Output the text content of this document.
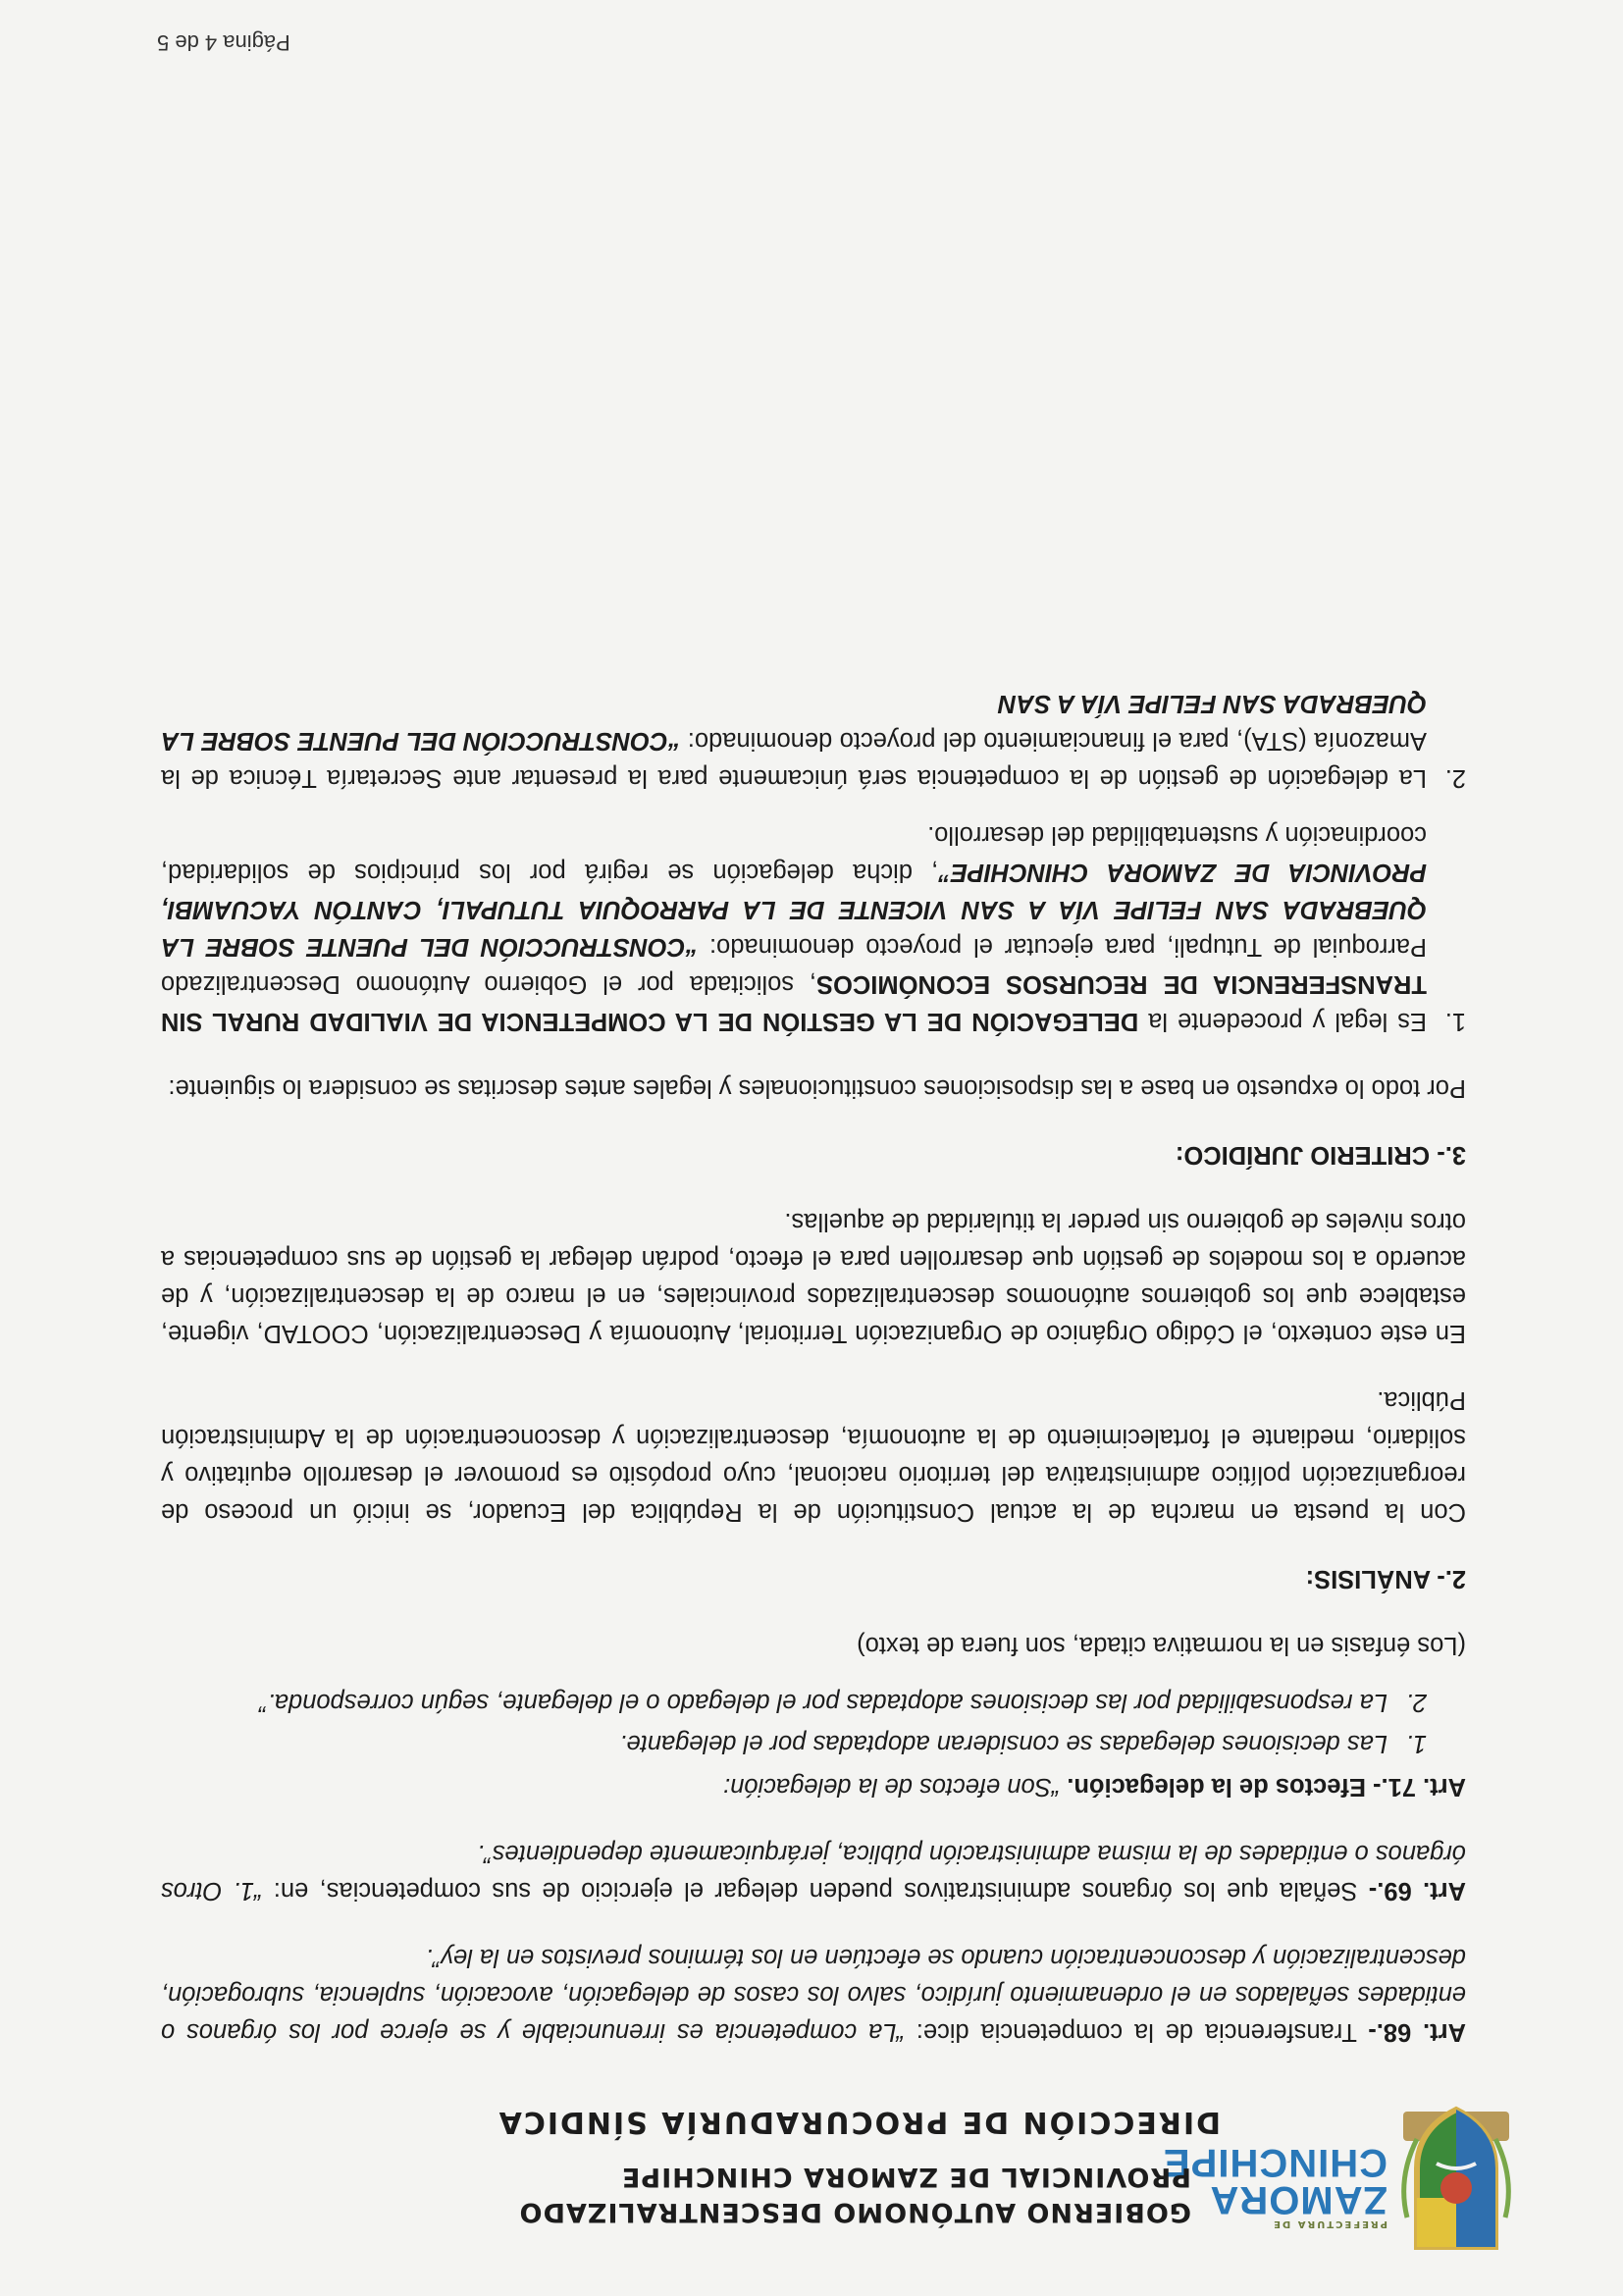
PREFECTURA DE
ZAMORA
CHINCHIPE
GOBIERNO AUTÓNOMO DESCENTRALIZADO
PROVINCIAL DE ZAMORA CHINCHIPE
DIRECCIÓN DE PROCURADURÍA SÍNDICA

Art. 68.- Transferencia de la competencia dice: “La competencia es irrenunciable y se ejerce por los órganos o entidades señalados en el ordenamiento jurídico, salvo los casos de delegación, avocación, suplencia, subrogación, descentralización y desconcentración cuando se efectúen en los términos previstos en la ley”.

Art. 69.- Señala que los órganos administrativos pueden delegar el ejercicio de sus competencias, en: “1. Otros órganos o entidades de la misma administración pública, jerárquicamente dependientes”.

Art. 71.- Efectos de la delegación. “Son efectos de la delegación:

1.Las decisiones delegadas se consideran adoptadas por el delegante.
2.La responsabilidad por las decisiones adoptadas por el delegado o el delegante, según corresponda.”

(Los énfasis en la normativa citada, son fuera de texto)

2.- ANÁLISIS:

Con la puesta en marcha de la actual Constitución de la República del Ecuador, se inició un proceso de reorganización político administrativa del territorio nacional, cuyo propósito es promover el desarrollo equitativo y solidario, mediante el fortalecimiento de la autonomía, descentralización y desconcentración de la Administración Pública.

En este contexto, el Código Orgánico de Organización Territorial, Autonomía y Descentralización, COOTAD, vigente, establece que los gobiernos autónomos descentralizados provinciales, en el marco de la descentralización, y de acuerdo a los modelos de gestión que desarrollen para el efecto, podrán delegar la gestión de sus competencias a otros niveles de gobierno sin perder la titularidad de aquellas.

3.- CRITERIO JURÍDICO:

Por todo lo expuesto en base a las disposiciones constitucionales y legales antes descritas se considera lo siguiente:

1.Es legal y procedente la DELEGACIÓN DE LA GESTIÓN DE LA COMPETENCIA DE VIALIDAD RURAL SIN TRANSFERENCIA DE RECURSOS ECONÓMICOS, solicitada por el Gobierno Autónomo Descentralizado Parroquial de Tutupali, para ejecutar el proyecto denominado: “CONSTRUCCIÓN DEL PUENTE SOBRE LA QUEBRADA SAN FELIPE VÍA A SAN VICENTE DE LA PARROQUIA TUTUPALI, CANTÓN YACUAMBI, PROVINCIA DE ZAMORA CHINCHIPE”, dicha delegación se regirá por los principios de solidaridad, coordinación y sustentabilidad del desarrollo.

2.La delegación de gestión de la competencia será únicamente para la presentar ante Secretaría Técnica de la Amazonía (STA), para el financiamiento del proyecto denominado: “CONSTRUCCIÓN DEL PUENTE SOBRE LA QUEBRADA SAN FELIPE VÍA A SAN

Página 4 de 5
